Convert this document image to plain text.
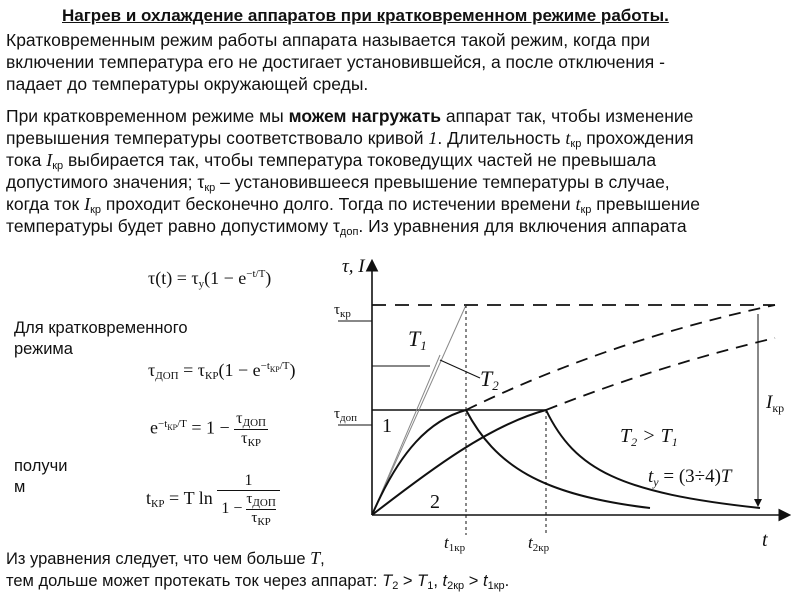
Нагрев и охлаждение аппаратов при кратковременном режиме работы.
Кратковременным режим работы аппарата называется такой режим, когда при
включении температура его не достигает установившейся, а после отключения -
падает до температуры окружающей среды.
При кратковременном режиме мы можем нагружать аппарат так, чтобы изменение
превышения температуры соответствовало кривой 1. Длительность $t_{кр}$ прохождения
тока $I_{кр}$ выбирается так, чтобы температура токоведущих частей не превышала
допустимого значения; $\tau_{кр}$ – установившееся превышение температуры в случае,
когда ток $I_{кр}$ проходит бесконечно долго. Тогда по истечении времени $t_{кр}$ превышение
температуры будет равно допустимому $\tau_{доп}$. Из уравнения для включения аппарата
$\tau(t) = \tau_у(1 - e^{-t/T})$
Для кратковременного
режима
получи
м
$\tau_{ДОП} = \tau_{КР}(1 - e^{-t_{КР}/T})$
$e^{-t_{КР}/T} = 1 - \tau_{ДОП}$
$\tau_{КР}$
$t_{КР} = T$ ln
1
1 −
$\tau_{ДОП}$
$\tau_{КР}$
τ, I
t
$\tau_{кр}$
$\tau_{доп}$
T1
T2
1
2
$I_{кр}$
$T_2 > T_1$
$t_у = (3\div 4)T$
t1кр	t2кр
Из уравнения следует, что чем больше T,
тем дольше может протекать ток через аппарат: $T_2 > T_1$, $t_{2кр} > t_{1кр}$.
